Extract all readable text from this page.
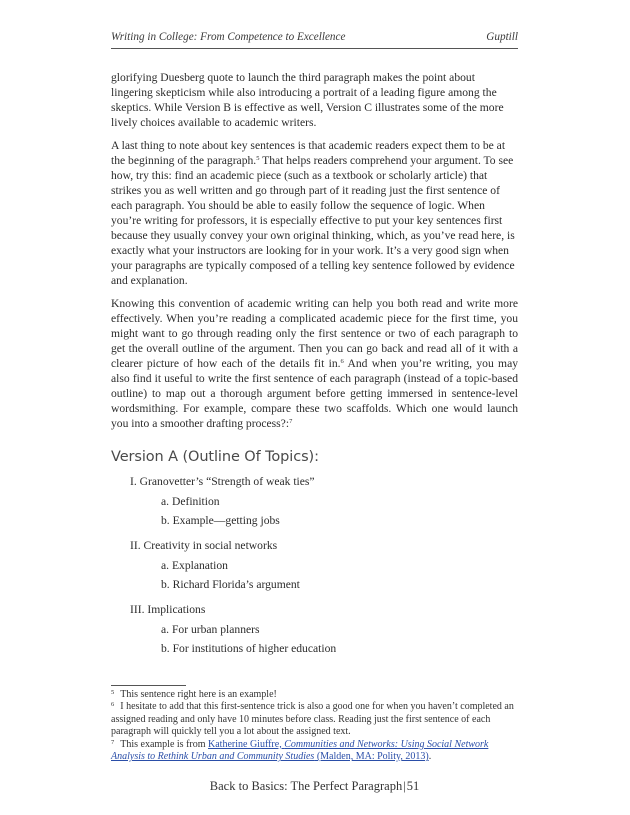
Writing in College: From Competence to Excellence	Guptill

glorifying Duesberg quote to launch the third paragraph makes the point about lingering skepticism while also introducing a portrait of a leading figure among the skeptics. While Version B is effective as well, Version C illustrates some of the more lively choices available to academic writers.

A last thing to note about key sentences is that academic readers expect them to be at the beginning of the paragraph.$^5$ That helps readers comprehend your argument. To see how, try this: find an academic piece (such as a textbook or scholarly article) that strikes you as well written and go through part of it reading just the first sentence of each paragraph. You should be able to easily follow the sequence of logic. When you’re writing for professors, it is especially effective to put your key sentences first because they usually convey your own original thinking, which, as you’ve read here, is exactly what your instructors are looking for in your work. It’s a very good sign when your paragraphs are typically composed of a telling key sentence followed by evidence and explanation.

Knowing this convention of academic writing can help you both read and write more effectively. When you’re reading a complicated academic piece for the first time, you might want to go through reading only the first sentence or two of each paragraph to get the overall outline of the argument. Then you can go back and read all of it with a clearer picture of how each of the details fit in.$^6$ And when you’re writing, you may also find it useful to write the first sentence of each paragraph (instead of a topic-based outline) to map out a thorough argument before getting immersed in sentence-level wordsmithing. For example, compare these two scaffolds. Which one would launch you into a smoother drafting process?:$^7$

Version A (Outline Of Topics):
I. Granovetter’s “Strength of weak ties”
a. Definition
b. Example—getting jobs
II. Creativity in social networks
a. Explanation
b. Richard Florida’s argument
III. Implications
a. For urban planners
b. For institutions of higher education

$^5$ This sentence right here is an example!

$^6$ I hesitate to add that this first-sentence trick is also a good one for when you haven’t completed an assigned reading and only have 10 minutes before class. Reading just the first sentence of each paragraph will quickly tell you a lot about the assigned text.

$^7$ This example is from Katherine Giuffre, Communities and Networks: Using Social Network Analysis to Rethink Urban and Community Studies (Malden, MA: Polity, 2013).

Back to Basics: The Perfect Paragraph|51
